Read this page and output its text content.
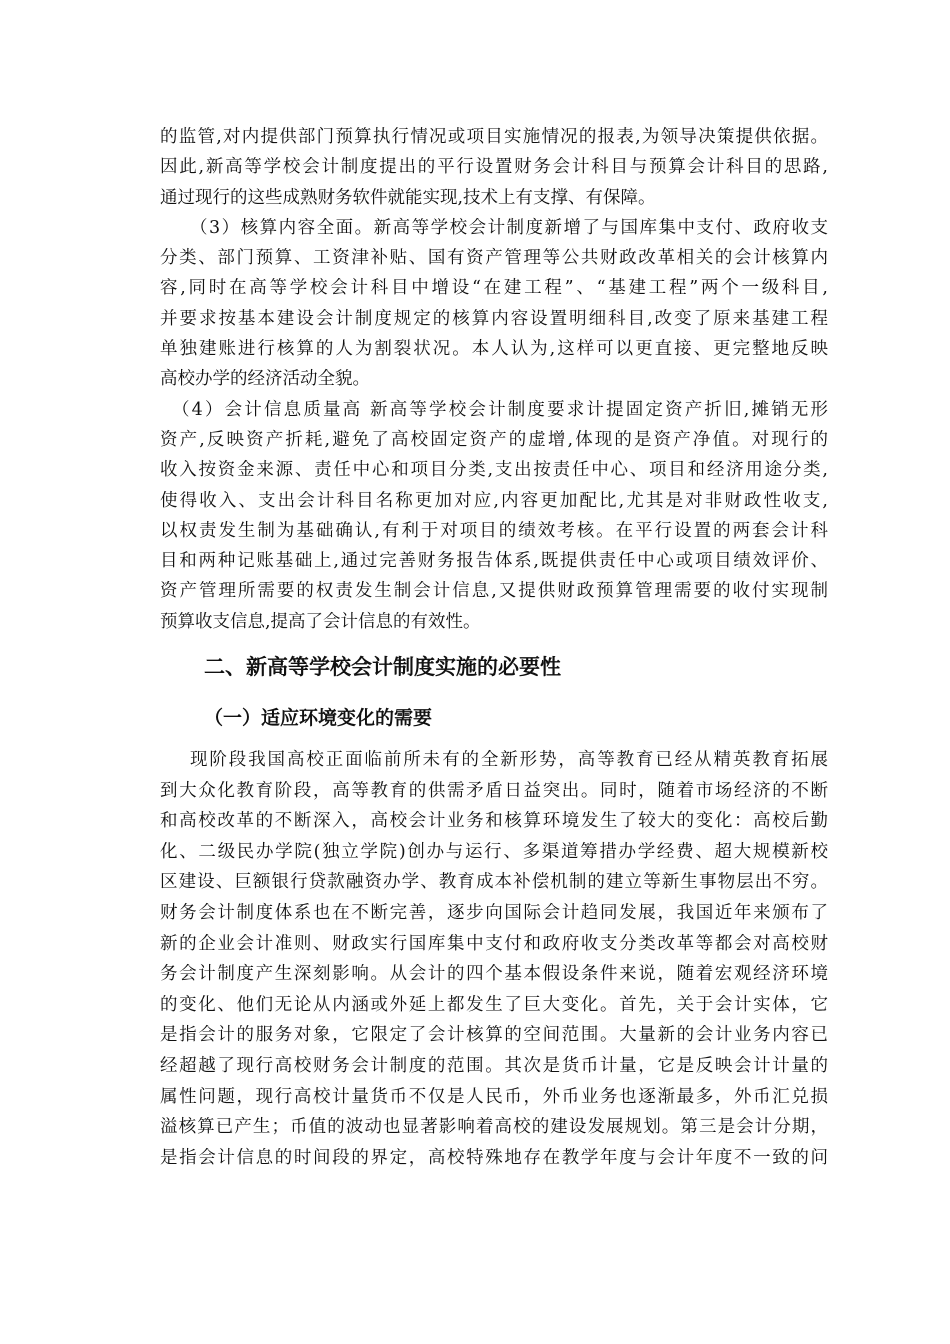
的监管,对内提供部门预算执行情况或项目实施情况的报表,为领导决策提供依据。
因此,新高等学校会计制度提出的平行设置财务会计科目与预算会计科目的思路,
通过现行的这些成熟财务软件就能实现,技术上有支撑、有保障。
（3）核算内容全面。新高等学校会计制度新增了与国库集中支付、政府收支
分类、部门预算、工资津补贴、国有资产管理等公共财政改革相关的会计核算内
容,同时在高等学校会计科目中增设“在建工程”、“基建工程”两个一级科目,
并要求按基本建设会计制度规定的核算内容设置明细科目,改变了原来基建工程
单独建账进行核算的人为割裂状况。本人认为,这样可以更直接、更完整地反映
高校办学的经济活动全貌。
（4）会计信息质量高 新高等学校会计制度要求计提固定资产折旧,摊销无形
资产,反映资产折耗,避免了高校固定资产的虚增,体现的是资产净值。对现行的
收入按资金来源、责任中心和项目分类,支出按责任中心、项目和经济用途分类,
使得收入、支出会计科目名称更加对应,内容更加配比,尤其是对非财政性收支,
以权责发生制为基础确认,有利于对项目的绩效考核。在平行设置的两套会计科
目和两种记账基础上,通过完善财务报告体系,既提供责任中心或项目绩效评价、
资产管理所需要的权责发生制会计信息,又提供财政预算管理需要的收付实现制
预算收支信息,提高了会计信息的有效性。
二、新高等学校会计制度实施的必要性
（一）适应环境变化的需要
现阶段我国高校正面临前所未有的全新形势，高等教育已经从精英教育拓展
到大众化教育阶段，高等教育的供需矛盾日益突出。同时，随着市场经济的不断
和高校改革的不断深入，高校会计业务和核算环境发生了较大的变化：高校后勤
化、二级民办学院(独立学院)创办与运行、多渠道筹措办学经费、超大规模新校
区建设、巨额银行贷款融资办学、教育成本补偿机制的建立等新生事物层出不穷。
财务会计制度体系也在不断完善，逐步向国际会计趋同发展，我国近年来颁布了
新的企业会计准则、财政实行国库集中支付和政府收支分类改革等都会对高校财
务会计制度产生深刻影响。从会计的四个基本假设条件来说，随着宏观经济环境
的变化、他们无论从内涵或外延上都发生了巨大变化。首先，关于会计实体，它
是指会计的服务对象，它限定了会计核算的空间范围。大量新的会计业务内容已
经超越了现行高校财务会计制度的范围。其次是货币计量，它是反映会计计量的
属性问题，现行高校计量货币不仅是人民币，外币业务也逐渐最多，外币汇兑损
溢核算已产生；币值的波动也显著影响着高校的建设发展规划。第三是会计分期，
是指会计信息的时间段的界定，高校特殊地存在教学年度与会计年度不一致的问
